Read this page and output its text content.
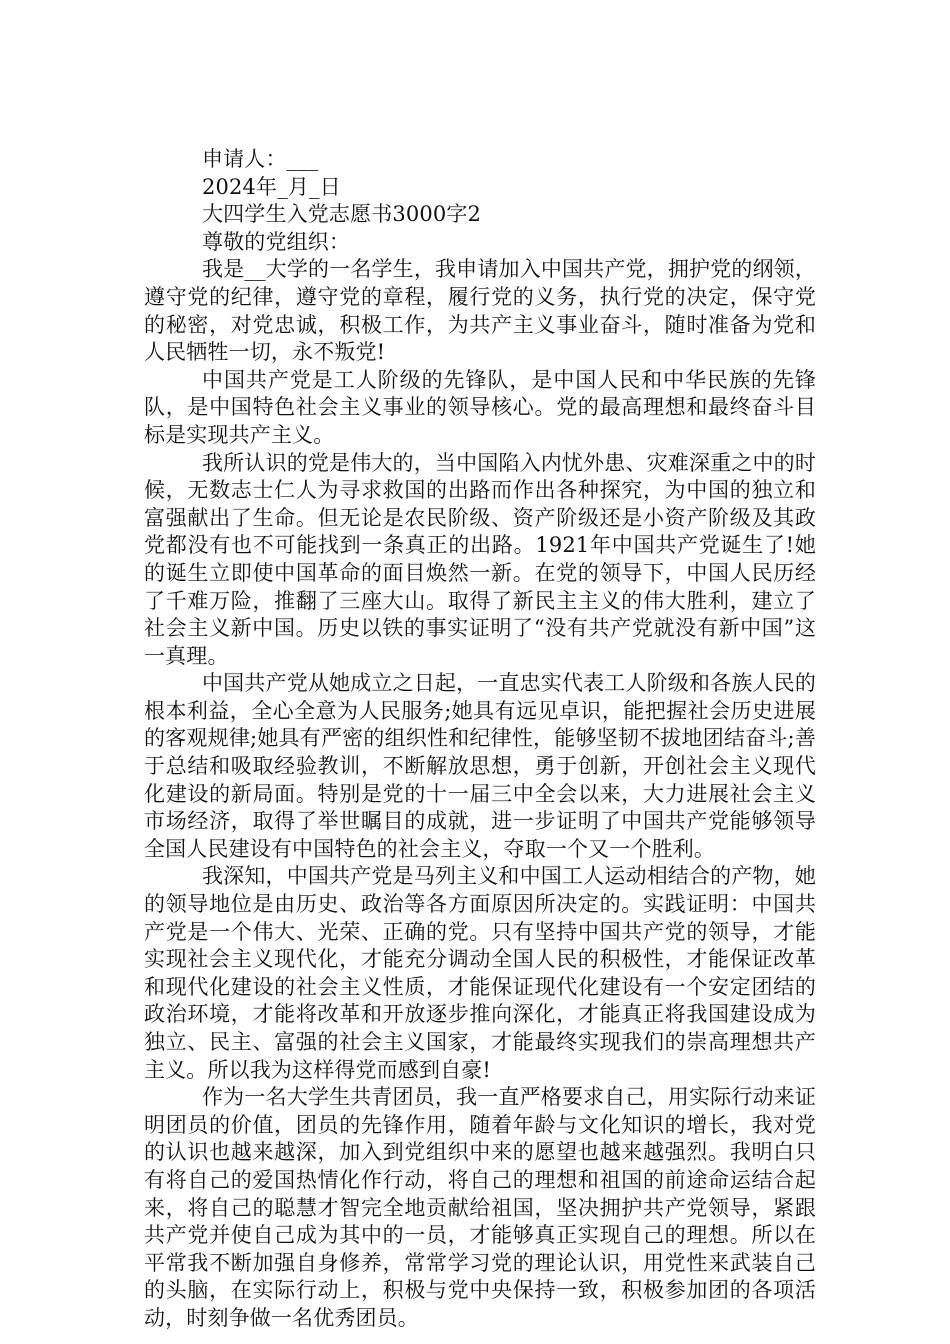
申请人：___

2024年_月_日

大四学生入党志愿书3000字2

尊敬的党组织：

我是__大学的一名学生，我申请加入中国共产党，拥护党的纲领，遵守党的纪律，遵守党的章程，履行党的义务，执行党的决定，保守党的秘密，对党忠诚，积极工作，为共产主义事业奋斗，随时准备为党和人民牺牲一切，永不叛党!

中国共产党是工人阶级的先锋队，是中国人民和中华民族的先锋队，是中国特色社会主义事业的领导核心。党的最高理想和最终奋斗目标是实现共产主义。

我所认识的党是伟大的，当中国陷入内忧外患、灾难深重之中的时候，无数志士仁人为寻求救国的出路而作出各种探究，为中国的独立和富强献出了生命。但无论是农民阶级、资产阶级还是小资产阶级及其政党都没有也不可能找到一条真正的出路。1921年中国共产党诞生了!她的诞生立即使中国革命的面目焕然一新。在党的领导下，中国人民历经了千难万险，推翻了三座大山。取得了新民主主义的伟大胜利，建立了社会主义新中国。历史以铁的事实证明了“没有共产党就没有新中国”这一真理。

中国共产党从她成立之日起，一直忠实代表工人阶级和各族人民的根本利益，全心全意为人民服务;她具有远见卓识，能把握社会历史进展的客观规律;她具有严密的组织性和纪律性，能够坚韧不拔地团结奋斗;善于总结和吸取经验教训，不断解放思想，勇于创新，开创社会主义现代化建设的新局面。特别是党的十一届三中全会以来，大力进展社会主义市场经济，取得了举世瞩目的成就，进一步证明了中国共产党能够领导全国人民建设有中国特色的社会主义，夺取一个又一个胜利。

我深知，中国共产党是马列主义和中国工人运动相结合的产物，她的领导地位是由历史、政治等各方面原因所决定的。实践证明：中国共产党是一个伟大、光荣、正确的党。只有坚持中国共产党的领导，才能实现社会主义现代化，才能充分调动全国人民的积极性，才能保证改革和现代化建设的社会主义性质，才能保证现代化建设有一个安定团结的政治环境，才能将改革和开放逐步推向深化，才能真正将我国建设成为独立、民主、富强的社会主义国家，才能最终实现我们的崇高理想共产主义。所以我为这样得党而感到自豪!

作为一名大学生共青团员，我一直严格要求自己，用实际行动来证明团员的价值，团员的先锋作用，随着年龄与文化知识的增长，我对党的认识也越来越深，加入到党组织中来的愿望也越来越强烈。我明白只有将自己的爱国热情化作行动，将自己的理想和祖国的前途命运结合起来，将自己的聪慧才智完全地贡献给祖国，坚决拥护共产党领导，紧跟共产党并使自己成为其中的一员，才能够真正实现自己的理想。所以在平常我不断加强自身修养，常常学习党的理论认识，用党性来武装自己的头脑，在实际行动上，积极与党中央保持一致，积极参加团的各项活动，时刻争做一名优秀团员。
